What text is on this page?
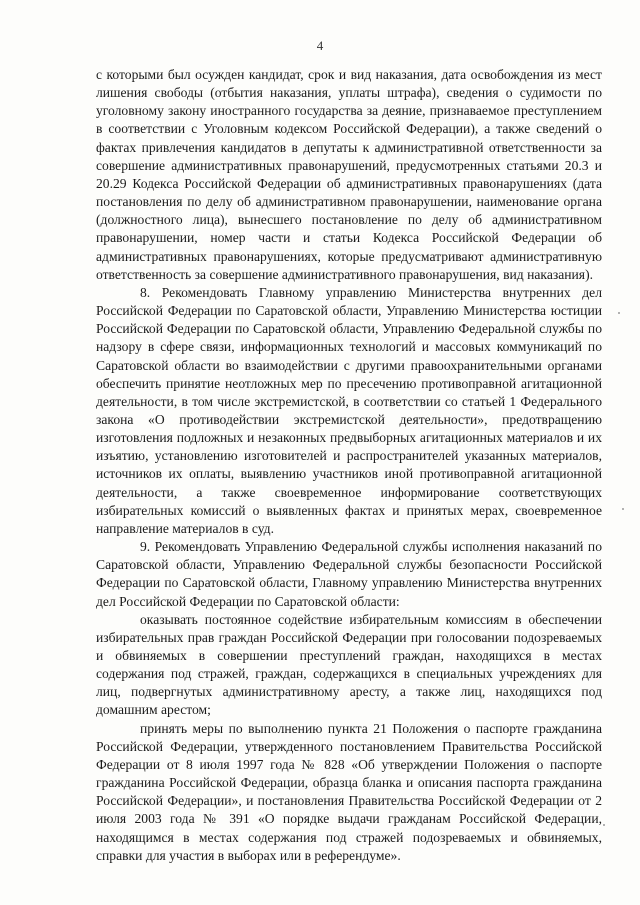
4

с которыми был осужден кандидат, срок и вид наказания, дата освобождения из мест лишения свободы (отбытия наказания, уплаты штрафа), сведения о судимости по уголовному закону иностранного государства за деяние, признаваемое преступлением в соответствии с Уголовным кодексом Российской Федерации), а также сведений о фактах привлечения кандидатов в депутаты к административной ответственности за совершение административных правонарушений, предусмотренных статьями 20.3 и 20.29 Кодекса Российской Федерации об административных правонарушениях (дата постановления по делу об административном правонарушении, наименование органа (должностного лица), вынесшего постановление по делу об административном правонарушении, номер части и статьи Кодекса Российской Федерации об административных правонарушениях, которые предусматривают административную ответственность за совершение административного правонарушения, вид наказания).

8. Рекомендовать Главному управлению Министерства внутренних дел Российской Федерации по Саратовской области, Управлению Министерства юстиции Российской Федерации по Саратовской области, Управлению Федеральной службы по надзору в сфере связи, информационных технологий и массовых коммуникаций по Саратовской области во взаимодействии с другими правоохранительными органами обеспечить принятие неотложных мер по пресечению противоправной агитационной деятельности, в том числе экстремистской, в соответствии со статьей 1 Федерального закона «О противодействии экстремистской деятельности», предотвращению изготовления подложных и незаконных предвыборных агитационных материалов и их изъятию, установлению изготовителей и распространителей указанных материалов, источников их оплаты, выявлению участников иной противоправной агитационной деятельности, а также своевременное информирование соответствующих избирательных комиссий о выявленных фактах и принятых мерах, своевременное направление материалов в суд.

9. Рекомендовать Управлению Федеральной службы исполнения наказаний по Саратовской области, Управлению Федеральной службы безопасности Российской Федерации по Саратовской области, Главному управлению Министерства внутренних дел Российской Федерации по Саратовской области:

оказывать постоянное содействие избирательным комиссиям в обеспечении избирательных прав граждан Российской Федерации при голосовании подозреваемых и обвиняемых в совершении преступлений граждан, находящихся в местах содержания под стражей, граждан, содержащихся в специальных учреждениях для лиц, подвергнутых административному аресту, а также лиц, находящихся под домашним арестом;

принять меры по выполнению пункта 21 Положения о паспорте гражданина Российской Федерации, утвержденного постановлением Правительства Российской Федерации от 8 июля 1997 года № 828 «Об утверждении Положения о паспорте гражданина Российской Федерации, образца бланка и описания паспорта гражданина Российской Федерации», и постановления Правительства Российской Федерации от 2 июля 2003 года № 391 «О порядке выдачи гражданам Российской Федерации, находящимся в местах содержания под стражей подозреваемых и обвиняемых, справки для участия в выборах или в референдуме».
